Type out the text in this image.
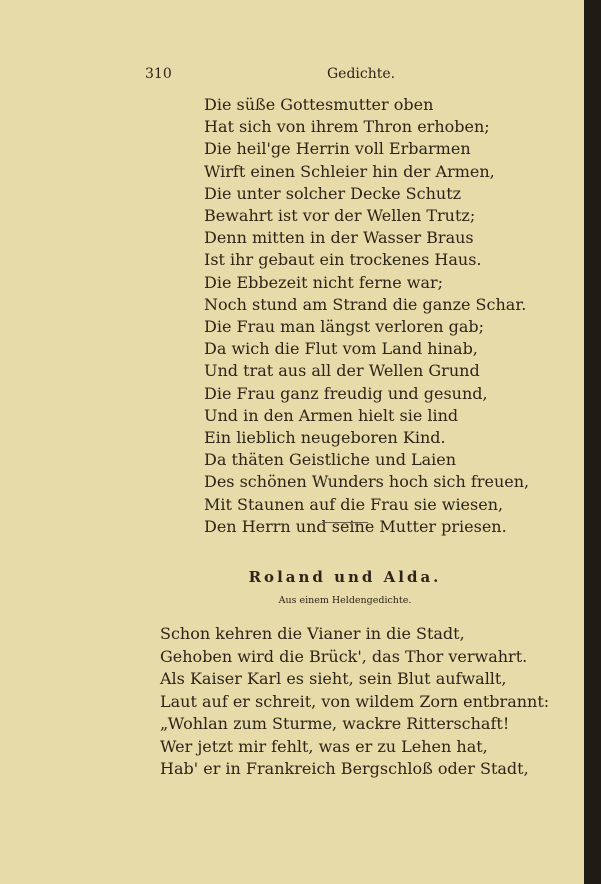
310	Gedichte.
Die süße Gottesmutter oben
Hat sich von ihrem Thron erhoben;
Die heil'ge Herrin voll Erbarmen
Wirft einen Schleier hin der Armen,
Die unter solcher Decke Schutz
Bewahrt ist vor der Wellen Trutz;
Denn mitten in der Wasser Braus
Ist ihr gebaut ein trockenes Haus.
Die Ebbezeit nicht ferne war;
Noch stund am Strand die ganze Schar.
Die Frau man längst verloren gab;
Da wich die Flut vom Land hinab,
Und trat aus all der Wellen Grund
Die Frau ganz freudig und gesund,
Und in den Armen hielt sie lind
Ein lieblich neugeboren Kind.
Da thäten Geistliche und Laien
Des schönen Wunders hoch sich freuen,
Mit Staunen auf die Frau sie wiesen,
Den Herrn und seine Mutter priesen.
Roland und Alda.
Aus einem Heldengedichte.
Schon kehren die Vianer in die Stadt,
Gehoben wird die Brück', das Thor verwahrt.
Als Kaiser Karl es sieht, sein Blut aufwallt,
Laut auf er schreit, von wildem Zorn entbrannt:
„Wohlan zum Sturme, wackre Ritterschaft!
Wer jetzt mir fehlt, was er zu Lehen hat,
Hab' er in Frankreich Bergschloß oder Stadt,
